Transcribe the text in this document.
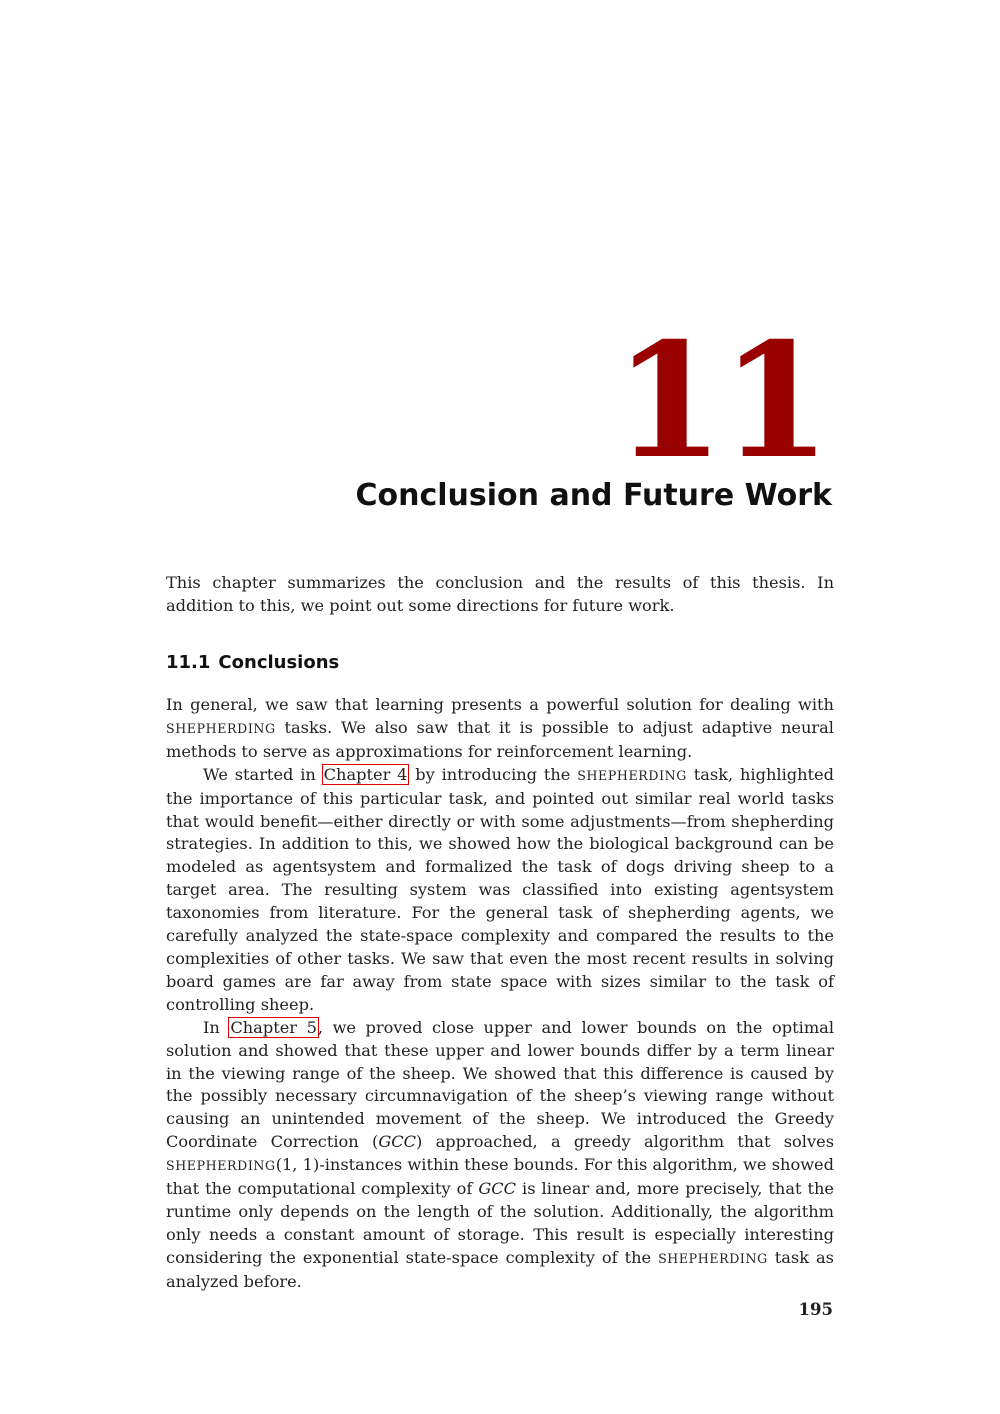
11
Conclusion and Future Work

This chapter summarizes the conclusion and the results of this thesis. In addition to this, we point out some directions for future work.

11.1 Conclusions

In general, we saw that learning presents a powerful solution for dealing with SHEPHERDING tasks. We also saw that it is possible to adjust adaptive neural methods to serve as approximations for reinforcement learning.

We started in Chapter 4 by introducing the SHEPHERDING task, highlighted the importance of this particular task, and pointed out similar real world tasks that would benefit—either directly or with some adjustments—from shepherding strategies. In addition to this, we showed how the biological background can be modeled as agentsystem and formalized the task of dogs driving sheep to a target area. The resulting system was classified into existing agentsystem taxonomies from literature. For the general task of shepherding agents, we carefully analyzed the state-space complexity and compared the results to the complexities of other tasks. We saw that even the most recent results in solving board games are far away from state space with sizes similar to the task of controlling sheep.

In Chapter 5, we proved close upper and lower bounds on the optimal solution and showed that these upper and lower bounds differ by a term linear in the viewing range of the sheep. We showed that this difference is caused by the possibly necessary circumnavigation of the sheep’s viewing range without causing an unintended movement of the sheep. We introduced the Greedy Coordinate Correction (GCC) approached, a greedy algorithm that solves SHEPHERDING(1, 1)-instances within these bounds. For this algorithm, we showed that the computational complexity of GCC is linear and, more precisely, that the runtime only depends on the length of the solution. Additionally, the algorithm only needs a constant amount of storage. This result is especially interesting considering the exponential state-space complexity of the SHEPHERDING task as analyzed before.

195
